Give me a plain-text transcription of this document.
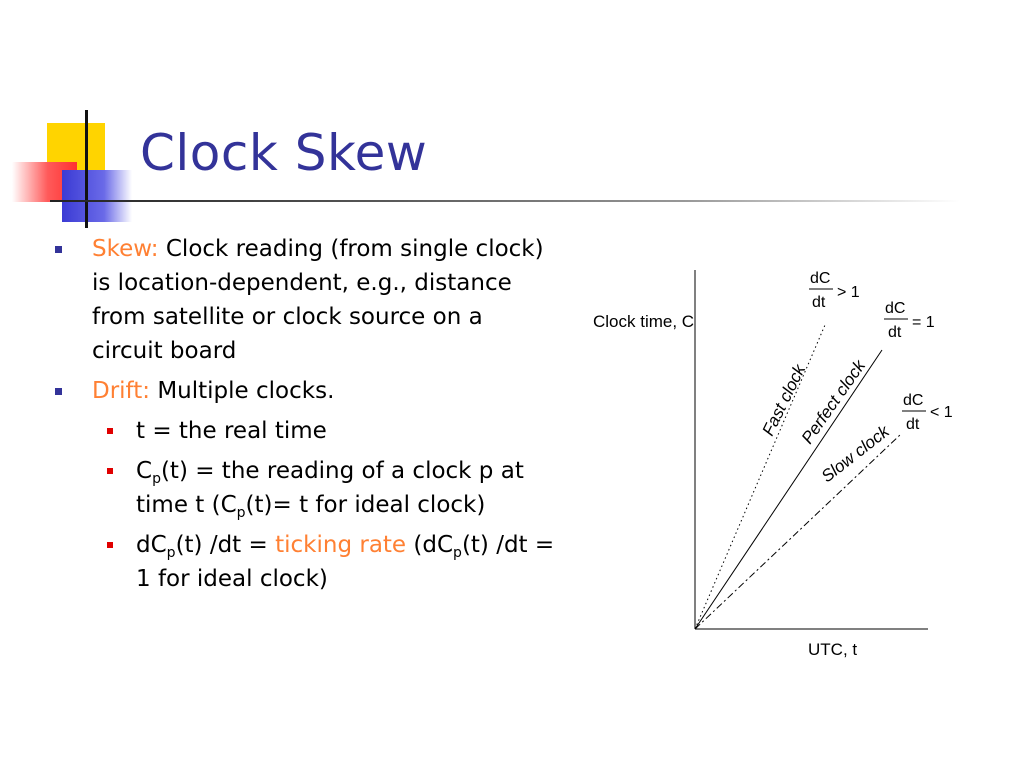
Clock Skew
Skew: Clock reading (from single clock) is location-dependent, e.g., distance from satellite or clock source on a circuit board
Drift: Multiple clocks.
t = the real time
$C_p(t)$ = the reading of a clock p at time t ($C_p(t)= t$ for ideal clock)
$dC_p(t) /dt$ = ticking rate ($dC_p(t) /dt = 1$ for ideal clock)
Clock time, C
UTC, t
Fast clock
Perfect clock
Slow clock
dC
dt
> 1
dC
dt
= 1
dC
dt
< 1
